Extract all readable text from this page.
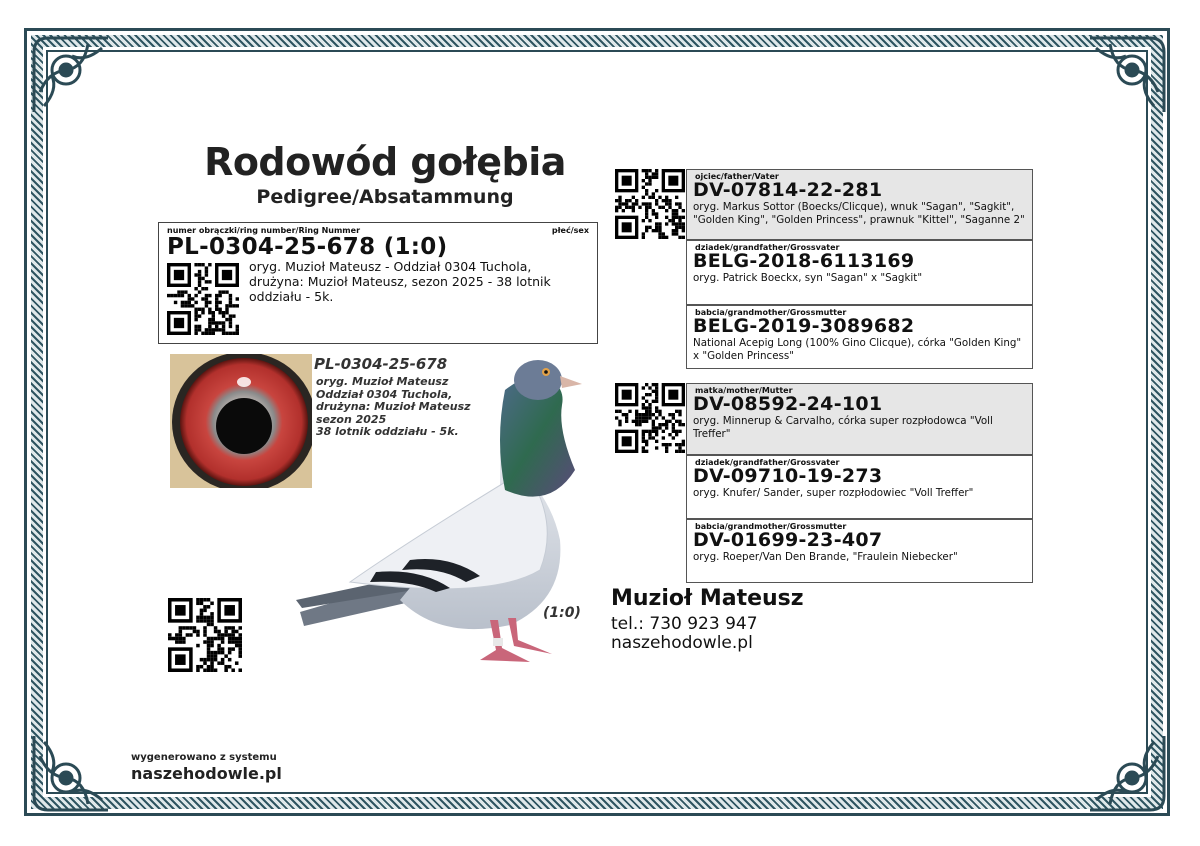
Rodowód gołębia
Pedigree/Absatammung
numer obrączki/ring number/Ring Nummer	płeć/sex
PL-0304-25-678 (1:0)
oryg. Muzioł Mateusz - Oddział 0304 Tuchola, drużyna: Muzioł Mateusz, sezon 2025 - 38 lotnik oddziału - 5k.
PL-0304-25-678
oryg. Muzioł Mateusz
Oddział 0304 Tuchola,
drużyna: Muzioł Mateusz
sezon 2025
38 lotnik oddziału - 5k.
(1:0)
Muzioł Mateusz
tel.: 730 923 947
naszehodowle.pl
ojciec/father/Vater
DV-07814-22-281
oryg. Markus Sottor (Boecks/Clicque), wnuk "Sagan", "Sagkit", "Golden King", "Golden Princess", prawnuk "Kittel", "Saganne 2"
dziadek/grandfather/Grossvater
BELG-2018-6113169
oryg. Patrick Boeckx, syn "Sagan" x "Sagkit"
babcia/grandmother/Grossmutter
BELG-2019-3089682
National Acepig Long (100% Gino Clicque), córka "Golden King" x "Golden Princess"
matka/mother/Mutter
DV-08592-24-101
oryg. Minnerup & Carvalho, córka super rozpłodowca "Voll Treffer"
dziadek/grandfather/Grossvater
DV-09710-19-273
oryg. Knufer/ Sander, super rozpłodowiec "Voll Treffer"
babcia/grandmother/Grossmutter
DV-01699-23-407
oryg. Roeper/Van Den Brande, "Fraulein Niebecker"
wygenerowano z systemu
naszehodowle.pl
